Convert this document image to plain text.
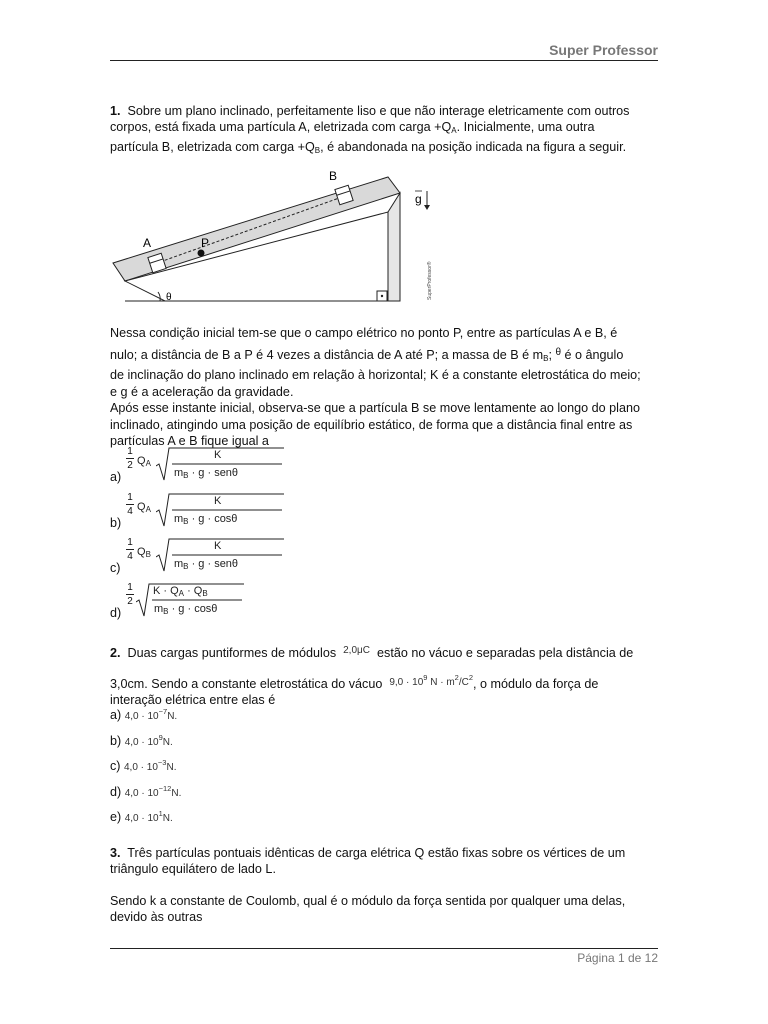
Super Professor

1. Sobre um plano inclinado, perfeitamente liso e que não interage eletricamente com outros

corpos, está fixada uma partícula A, eletrizada com carga $+Q_A$. Inicialmente, uma outra

partícula B, eletrizada com carga $+Q_B$, é abandonada na posição indicada na figura a seguir.

θ
A	P
B
g
SuperProfessor®

Nessa condição inicial tem-se que o campo elétrico no ponto P, entre as partículas A e B, é

nulo; a distância de B a P é 4 vezes a distância de A até P; a massa de B é $m_B$; $^\theta$ é o ângulo

de inclinação do plano inclinado em relação à horizontal; K é a constante eletrostática do meio;

e g é a aceleração da gravidade.

Após esse instante inicial, observa-se que a partícula B se move lentamente ao longo do plano

inclinado, atingindo uma posição de equilíbrio estático, de forma que a distância final entre as

partículas A e B fique igual a

a)
1
2 $Q_A$
K
$m_B \cdot g \cdot sen\theta$
b)
1
4 $Q_A$
K
$m_B \cdot g \cdot \cos\theta$
c)
1
4 $Q_B$
K
$m_B \cdot g \cdot sen\theta$
d)
1
2
$K \cdot Q_A \cdot Q_B$
$m_B \cdot g \cdot \cos\theta$

2. Duas cargas puntiformes de módulos $^{2,0\mu C}$ estão no vácuo e separadas pela distância de

3,0cm. Sendo a constante eletrostática do vácuo $^{9,0 \cdot 10^9 N \cdot m^2/C^2}$, o módulo da força de

interação elétrica entre elas é

a) $4,0 \cdot 10^{-7}N$.
b) $4,0 \cdot 10^9N$.
c) $4,0 \cdot 10^{-3}N$.
d) $4,0 \cdot 10^{-12}N$.
e) $4,0 \cdot 10^1N$.

3. Três partículas pontuais idênticas de carga elétrica Q estão fixas sobre os vértices de um

triângulo equilátero de lado L.

Sendo k a constante de Coulomb, qual é o módulo da força sentida por qualquer uma delas,

devido às outras

Página 1 de 12
